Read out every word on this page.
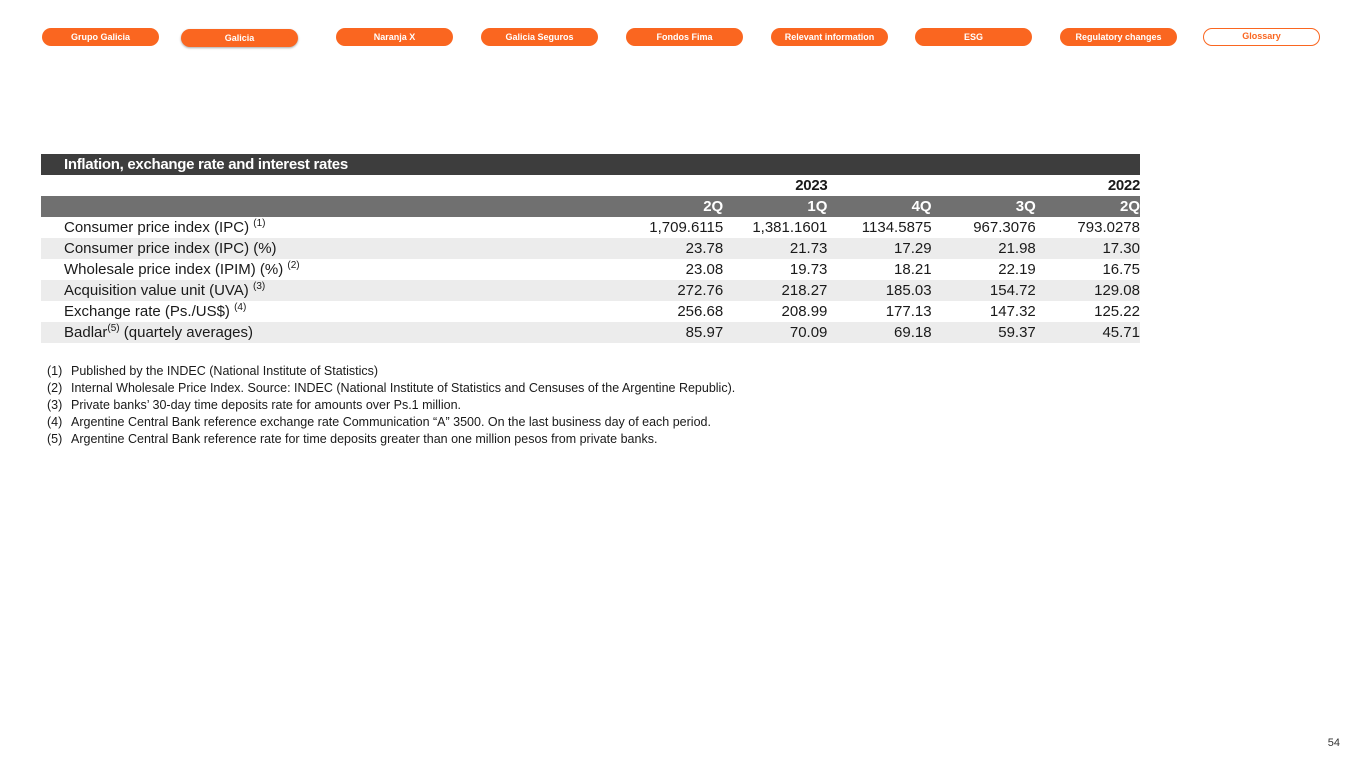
Grupo Galicia	Galicia	Naranja X	Galicia Seguros	Fondos Fima	Relevant information	ESG	Regulatory changes	Glossary
Inflation, exchange rate and interest rates					
		2023			2022
	2Q	1Q	4Q	3Q	2Q
Consumer price index (IPC) $^{(1)}$	1,709.6115	1,381.1601	1134.5875	967.3076	793.0278
Consumer price index (IPC) (%)	23.78	21.73	17.29	21.98	17.30
Wholesale price index (IPIM) (%) $^{(2)}$	23.08	19.73	18.21	22.19	16.75
Acquisition value unit (UVA) $^{(3)}$	272.76	218.27	185.03	154.72	129.08
Exchange rate (Ps./US$) $^{(4)}$	256.68	208.99	177.13	147.32	125.22
Badlar$^{(5)}$ (quartely averages)	85.97	70.09	69.18	59.37	45.71
(1) Published by the INDEC (National Institute of Statistics)
(2) Internal Wholesale Price Index. Source: INDEC (National Institute of Statistics and Censuses of the Argentine Republic).
(3) Private banks’ 30-day time deposits rate for amounts over Ps.1 million.
(4) Argentine Central Bank reference exchange rate Communication “A” 3500. On the last business day of each period.
(5) Argentine Central Bank reference rate for time deposits greater than one million pesos from private banks.
54
